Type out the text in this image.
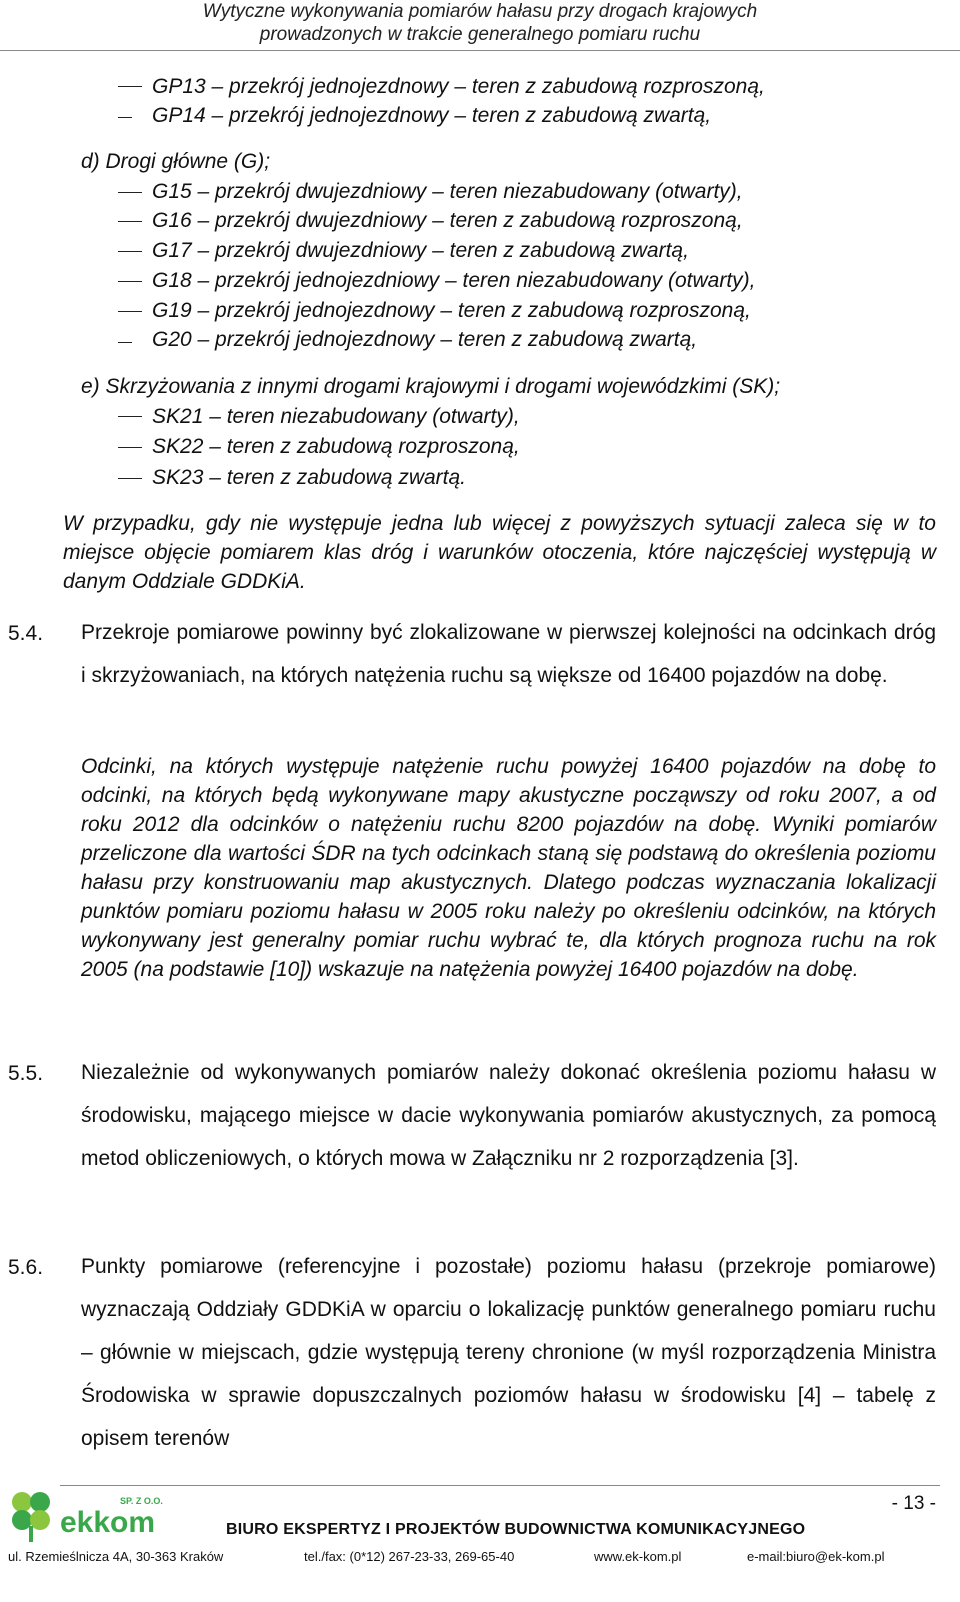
Wytyczne wykonywania pomiarów hałasu przy drogach krajowych
prowadzonych w trakcie generalnego pomiaru ruchu
GP13 – przekrój jednojezdnowy – teren z zabudową rozproszoną,
GP14 – przekrój jednojezdnowy – teren z zabudową zwartą,
d) Drogi główne (G);
G15 – przekrój dwujezdniowy – teren niezabudowany (otwarty),
G16 – przekrój dwujezdniowy – teren z zabudową rozproszoną,
G17 – przekrój dwujezdniowy – teren z zabudową zwartą,
G18 – przekrój jednojezdniowy – teren niezabudowany (otwarty),
G19 – przekrój jednojezdnowy – teren z zabudową rozproszoną,
G20 – przekrój jednojezdnowy – teren z zabudową zwartą,
e) Skrzyżowania z innymi drogami krajowymi i drogami wojewódzkimi (SK);
SK21 – teren niezabudowany (otwarty),
SK22 – teren z zabudową rozproszoną,
SK23 – teren z zabudową zwartą.
W przypadku, gdy nie występuje jedna lub więcej z powyższych sytuacji zaleca się w to miejsce objęcie pomiarem klas dróg i warunków otoczenia, które najczęściej występują w danym Oddziale GDDKiA.
5.4. Przekroje pomiarowe powinny być zlokalizowane w pierwszej kolejności na odcinkach dróg i skrzyżowaniach, na których natężenia ruchu są większe od 16400 pojazdów na dobę.
Odcinki, na których występuje natężenie ruchu powyżej 16400 pojazdów na dobę to odcinki, na których będą wykonywane mapy akustyczne począwszy od roku 2007, a od roku 2012 dla odcinków o natężeniu ruchu 8200 pojazdów na dobę. Wyniki pomiarów przeliczone dla wartości ŚDR na tych odcinkach staną się podstawą do określenia poziomu hałasu przy konstruowaniu map akustycznych. Dlatego podczas wyznaczania lokalizacji punktów pomiaru poziomu hałasu w 2005 roku należy po określeniu odcinków, na których wykonywany jest generalny pomiar ruchu wybrać te, dla których prognoza ruchu na rok 2005 (na podstawie [10]) wskazuje na natężenia powyżej 16400 pojazdów na dobę.
5.5. Niezależnie od wykonywanych pomiarów należy dokonać określenia poziomu hałasu w środowisku, mającego miejsce w dacie wykonywania pomiarów akustycznych, za pomocą metod obliczeniowych, o których mowa w Załączniku nr 2 rozporządzenia [3].
5.6. Punkty pomiarowe (referencyjne i pozostałe) poziomu hałasu (przekroje pomiarowe) wyznaczają Oddziały GDDKiA w oparciu o lokalizację punktów generalnego pomiaru ruchu – głównie w miejscach, gdzie występują tereny chronione (w myśl rozporządzenia Ministra Środowiska w sprawie dopuszczalnych poziomów hałasu w środowisku [4] – tabelę z opisem terenów
- 13 -
SP. Z O.O.
ekkom	BIURO EKSPERTYZ I PROJEKTÓW BUDOWNICTWA KOMUNIKACYJNEGO
ul. Rzemieślnicza 4A, 30-363 Kraków	tel./fax: (0*12) 267-23-33, 269-65-40	www.ek-kom.pl	e-mail:biuro@ek-kom.pl
